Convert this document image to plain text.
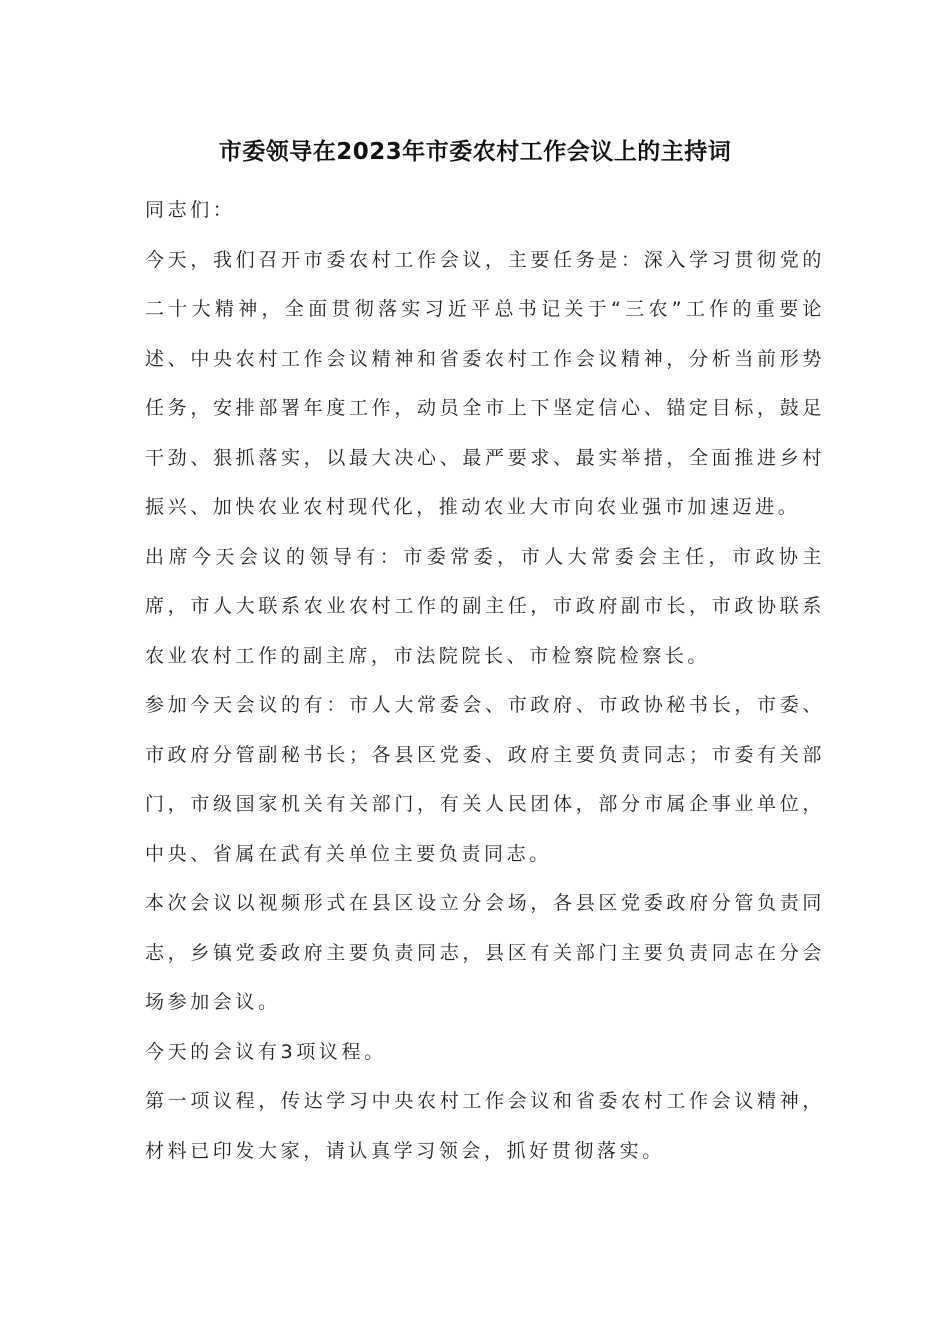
市委领导在2023年市委农村工作会议上的主持词

同志们：

今天，我们召开市委农村工作会议，主要任务是：深入学习贯彻党的二十大精神，全面贯彻落实习近平总书记关于“三农”工作的重要论述、中央农村工作会议精神和省委农村工作会议精神，分析当前形势任务，安排部署年度工作，动员全市上下坚定信心、锚定目标，鼓足干劲、狠抓落实，以最大决心、最严要求、最实举措，全面推进乡村振兴、加快农业农村现代化，推动农业大市向农业强市加速迈进。

出席今天会议的领导有：市委常委，市人大常委会主任，市政协主席，市人大联系农业农村工作的副主任，市政府副市长，市政协联系农业农村工作的副主席，市法院院长、市检察院检察长。

参加今天会议的有：市人大常委会、市政府、市政协秘书长，市委、市政府分管副秘书长；各县区党委、政府主要负责同志；市委有关部门，市级国家机关有关部门，有关人民团体，部分市属企事业单位，中央、省属在武有关单位主要负责同志。

本次会议以视频形式在县区设立分会场，各县区党委政府分管负责同志，乡镇党委政府主要负责同志，县区有关部门主要负责同志在分会场参加会议。

今天的会议有3项议程。

第一项议程，传达学习中央农村工作会议和省委农村工作会议精神，材料已印发大家，请认真学习领会，抓好贯彻落实。
